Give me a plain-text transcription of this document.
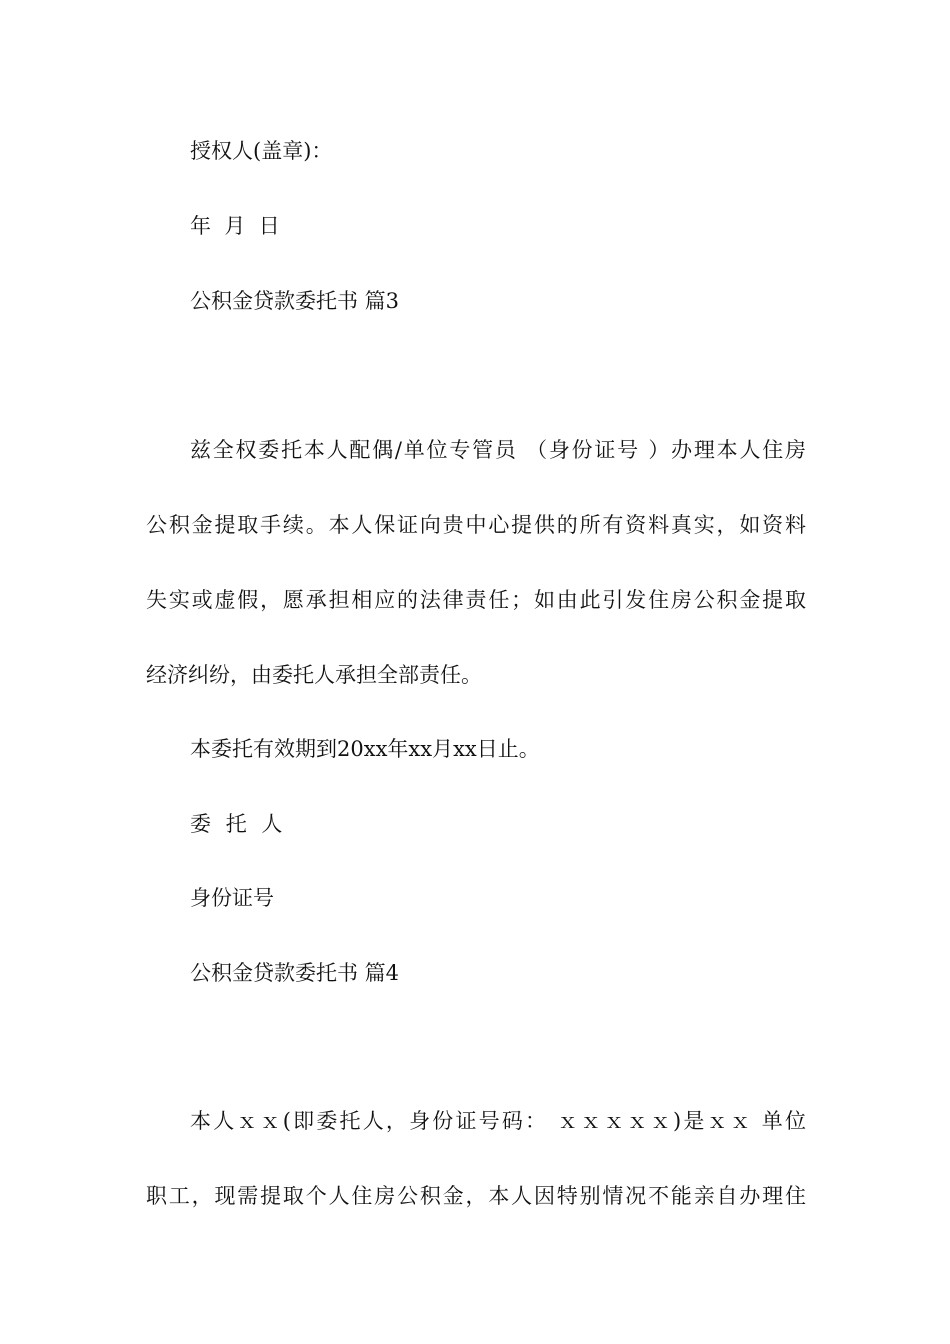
授权人(盖章)：
年  月  日
公积金贷款委托书 篇3
兹全权委托本人配偶/单位专管员 （身份证号 ）办理本人住房
公积金提取手续。本人保证向贵中心提供的所有资料真实，如资料
失实或虚假，愿承担相应的法律责任；如由此引发住房公积金提取
经济纠纷，由委托人承担全部责任。
本委托有效期到20xx年xx月xx日止。
委托人
身份证号
公积金贷款委托书 篇4
本人ｘｘ(即委托人，身份证号码： ｘｘｘｘｘ)是ｘｘ 单位
职工，现需提取个人住房公积金，本人因特别情况不能亲自办理住
